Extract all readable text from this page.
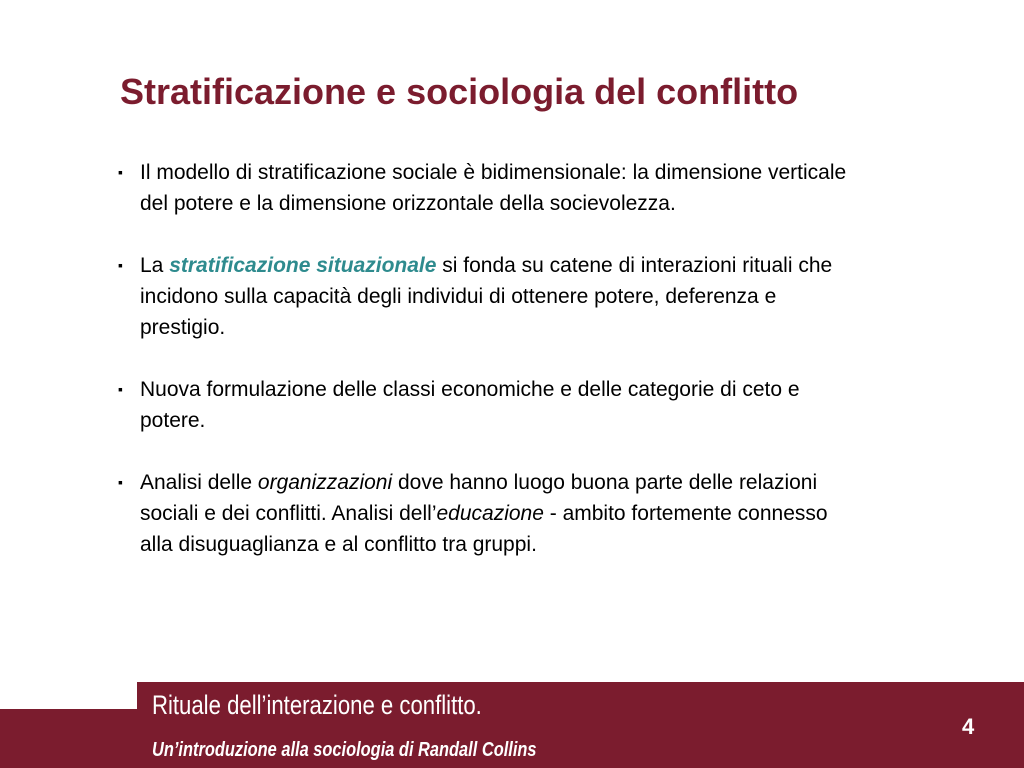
Stratificazione e sociologia del conflitto
▪ Il modello di stratificazione sociale è bidimensionale: la dimensione verticale del potere e la dimensione orizzontale della socievolezza.
▪ La stratificazione situazionale si fonda su catene di interazioni rituali che incidono sulla capacità degli individui di ottenere potere, deferenza e prestigio.
▪ Nuova formulazione delle classi economiche e delle categorie di ceto e potere.
▪ Analisi delle organizzazioni dove hanno luogo buona parte delle relazioni sociali e dei conflitti. Analisi dell’educazione - ambito fortemente connesso alla disuguaglianza e al conflitto tra gruppi.
Rituale dell’interazione e conflitto.
Un’introduzione alla sociologia di Randall Collins
4
